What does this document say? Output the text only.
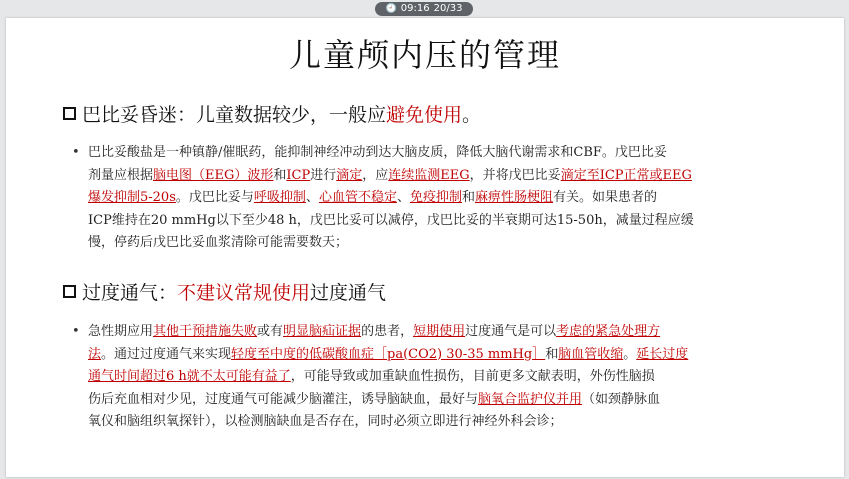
🕘 09:16 20/33
儿童颅内压的管理
巴比妥昏迷：儿童数据较少，一般应 避免使用 。
• 巴比妥酸盐是一种镇静/催眠药，能抑制神经冲动到达大脑皮质，降低大脑代谢需求和CBF。戊巴比妥
剂量应根据脑电图（EEG）波形和ICP进行滴定，应连续监测EEG，并将戊巴比妥滴定至ICP正常或EEG
爆发抑制5-20s。戊巴比妥与呼吸抑制、心血管不稳定、免疫抑制和麻痹性肠梗阻有关。如果患者的
ICP维持在20 mmHg以下至少48 h，戊巴比妥可以减停，戊巴比妥的半衰期可达15-50h，减量过程应缓
慢，停药后戊巴比妥血浆清除可能需要数天；
过度通气： 不建议常规使用 过度通气
• 急性期应用其他干预措施失败或有明显脑疝证据的患者，短期使用过度通气是可以考虑的紧急处理方
法。通过过度通气来实现轻度至中度的低碳酸血症［pa(CO2) 30-35 mmHg］和脑血管收缩。延长过度
通气时间超过6 h就不太可能有益了，可能导致或加重缺血性损伤，目前更多文献表明，外伤性脑损
伤后充血相对少见，过度通气可能减少脑灌注，诱导脑缺血，最好与脑氧合监护仪并用（如颈静脉血
氧仪和脑组织氧探针），以检测脑缺血是否存在，同时必须立即进行神经外科会诊；
